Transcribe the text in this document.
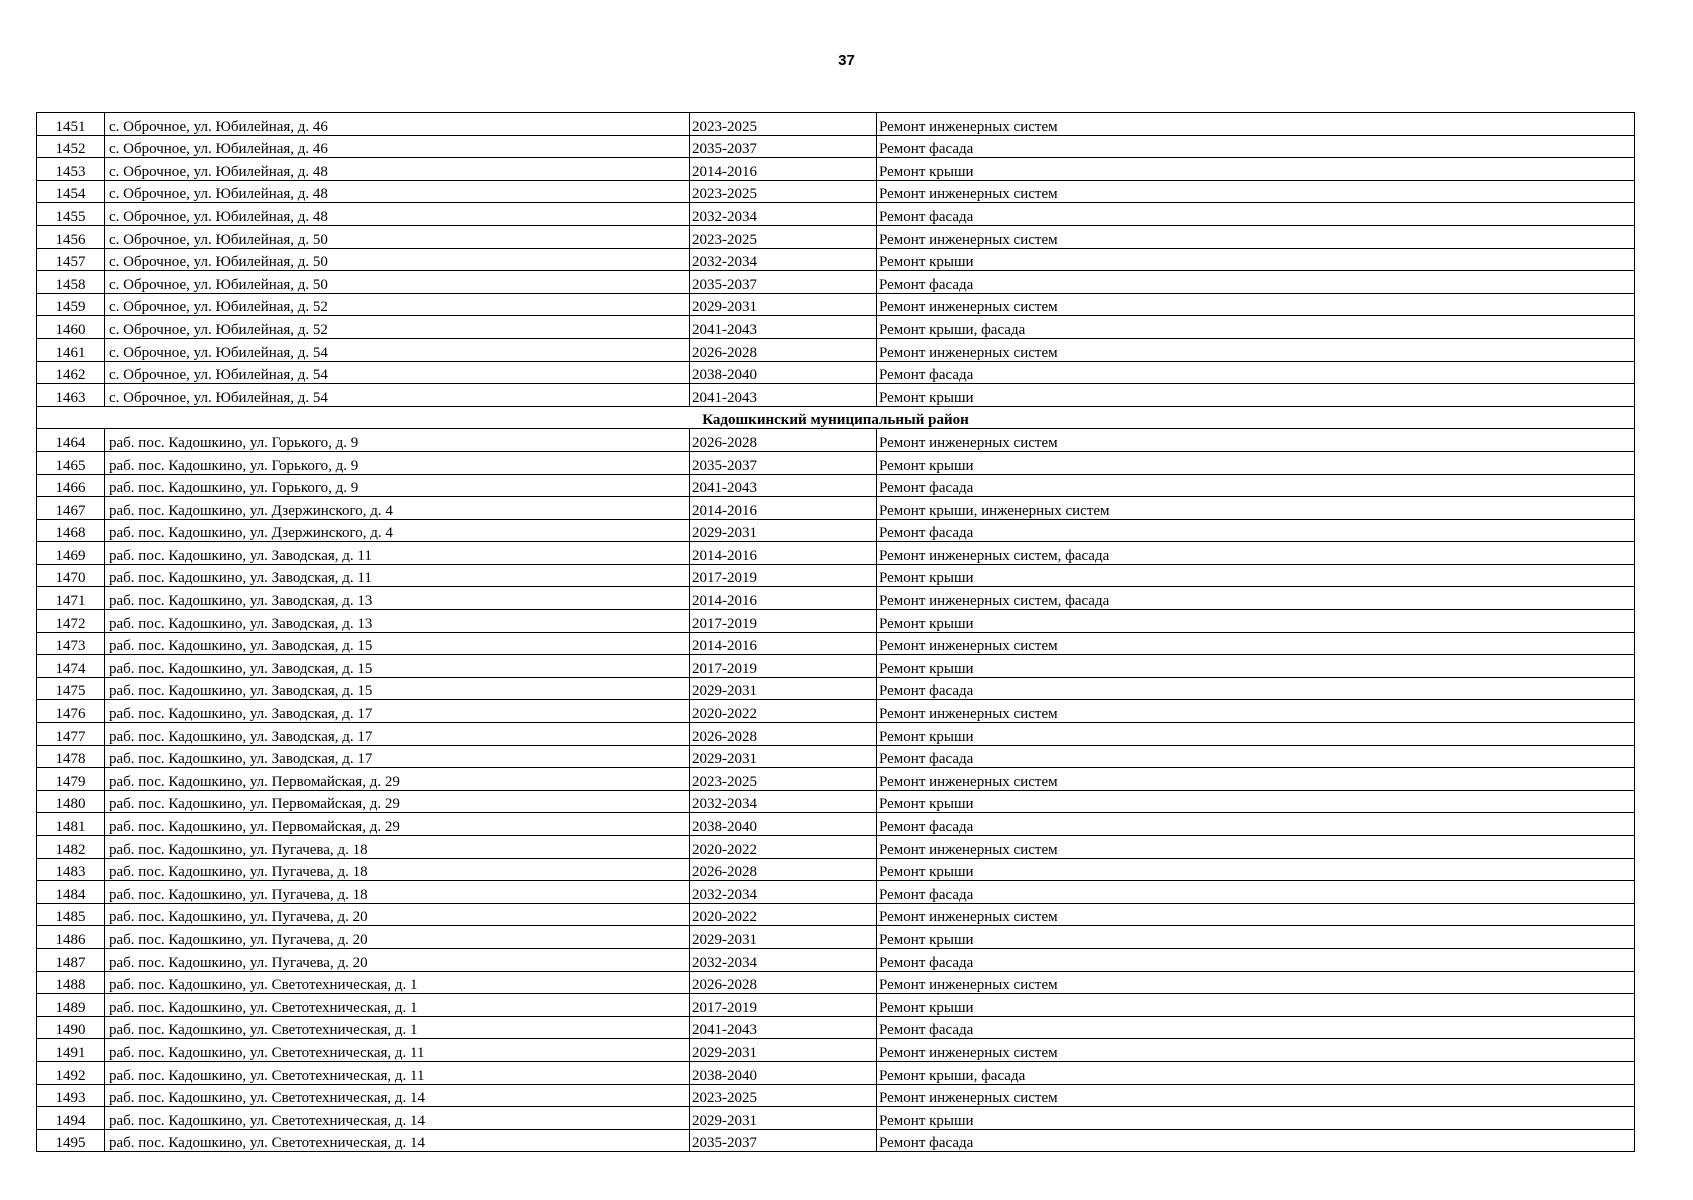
37
1451	с. Оброчное, ул. Юбилейная, д. 46	2023-2025	Ремонт инженерных систем
1452	с. Оброчное, ул. Юбилейная, д. 46	2035-2037	Ремонт фасада
1453	с. Оброчное, ул. Юбилейная, д. 48	2014-2016	Ремонт крыши
1454	с. Оброчное, ул. Юбилейная, д. 48	2023-2025	Ремонт инженерных систем
1455	с. Оброчное, ул. Юбилейная, д. 48	2032-2034	Ремонт фасада
1456	с. Оброчное, ул. Юбилейная, д. 50	2023-2025	Ремонт инженерных систем
1457	с. Оброчное, ул. Юбилейная, д. 50	2032-2034	Ремонт крыши
1458	с. Оброчное, ул. Юбилейная, д. 50	2035-2037	Ремонт фасада
1459	с. Оброчное, ул. Юбилейная, д. 52	2029-2031	Ремонт инженерных систем
1460	с. Оброчное, ул. Юбилейная, д. 52	2041-2043	Ремонт крыши, фасада
1461	с. Оброчное, ул. Юбилейная, д. 54	2026-2028	Ремонт инженерных систем
1462	с. Оброчное, ул. Юбилейная, д. 54	2038-2040	Ремонт фасада
1463	с. Оброчное, ул. Юбилейная, д. 54	2041-2043	Ремонт крыши
Кадошкинский муниципальный район			
1464	раб. пос. Кадошкино, ул. Горького, д. 9	2026-2028	Ремонт инженерных систем
1465	раб. пос. Кадошкино, ул. Горького, д. 9	2035-2037	Ремонт крыши
1466	раб. пос. Кадошкино, ул. Горького, д. 9	2041-2043	Ремонт фасада
1467	раб. пос. Кадошкино, ул. Дзержинского, д. 4	2014-2016	Ремонт крыши, инженерных систем
1468	раб. пос. Кадошкино, ул. Дзержинского, д. 4	2029-2031	Ремонт фасада
1469	раб. пос. Кадошкино, ул. Заводская, д. 11	2014-2016	Ремонт инженерных систем, фасада
1470	раб. пос. Кадошкино, ул. Заводская, д. 11	2017-2019	Ремонт крыши
1471	раб. пос. Кадошкино, ул. Заводская, д. 13	2014-2016	Ремонт инженерных систем, фасада
1472	раб. пос. Кадошкино, ул. Заводская, д. 13	2017-2019	Ремонт крыши
1473	раб. пос. Кадошкино, ул. Заводская, д. 15	2014-2016	Ремонт инженерных систем
1474	раб. пос. Кадошкино, ул. Заводская, д. 15	2017-2019	Ремонт крыши
1475	раб. пос. Кадошкино, ул. Заводская, д. 15	2029-2031	Ремонт фасада
1476	раб. пос. Кадошкино, ул. Заводская, д. 17	2020-2022	Ремонт инженерных систем
1477	раб. пос. Кадошкино, ул. Заводская, д. 17	2026-2028	Ремонт крыши
1478	раб. пос. Кадошкино, ул. Заводская, д. 17	2029-2031	Ремонт фасада
1479	раб. пос. Кадошкино, ул. Первомайская, д. 29	2023-2025	Ремонт инженерных систем
1480	раб. пос. Кадошкино, ул. Первомайская, д. 29	2032-2034	Ремонт крыши
1481	раб. пос. Кадошкино, ул. Первомайская, д. 29	2038-2040	Ремонт фасада
1482	раб. пос. Кадошкино, ул. Пугачева, д. 18	2020-2022	Ремонт инженерных систем
1483	раб. пос. Кадошкино, ул. Пугачева, д. 18	2026-2028	Ремонт крыши
1484	раб. пос. Кадошкино, ул. Пугачева, д. 18	2032-2034	Ремонт фасада
1485	раб. пос. Кадошкино, ул. Пугачева, д. 20	2020-2022	Ремонт инженерных систем
1486	раб. пос. Кадошкино, ул. Пугачева, д. 20	2029-2031	Ремонт крыши
1487	раб. пос. Кадошкино, ул. Пугачева, д. 20	2032-2034	Ремонт фасада
1488	раб. пос. Кадошкино, ул. Светотехническая, д. 1	2026-2028	Ремонт инженерных систем
1489	раб. пос. Кадошкино, ул. Светотехническая, д. 1	2017-2019	Ремонт крыши
1490	раб. пос. Кадошкино, ул. Светотехническая, д. 1	2041-2043	Ремонт фасада
1491	раб. пос. Кадошкино, ул. Светотехническая, д. 11	2029-2031	Ремонт инженерных систем
1492	раб. пос. Кадошкино, ул. Светотехническая, д. 11	2038-2040	Ремонт крыши, фасада
1493	раб. пос. Кадошкино, ул. Светотехническая, д. 14	2023-2025	Ремонт инженерных систем
1494	раб. пос. Кадошкино, ул. Светотехническая, д. 14	2029-2031	Ремонт крыши
1495	раб. пос. Кадошкино, ул. Светотехническая, д. 14	2035-2037	Ремонт фасада
